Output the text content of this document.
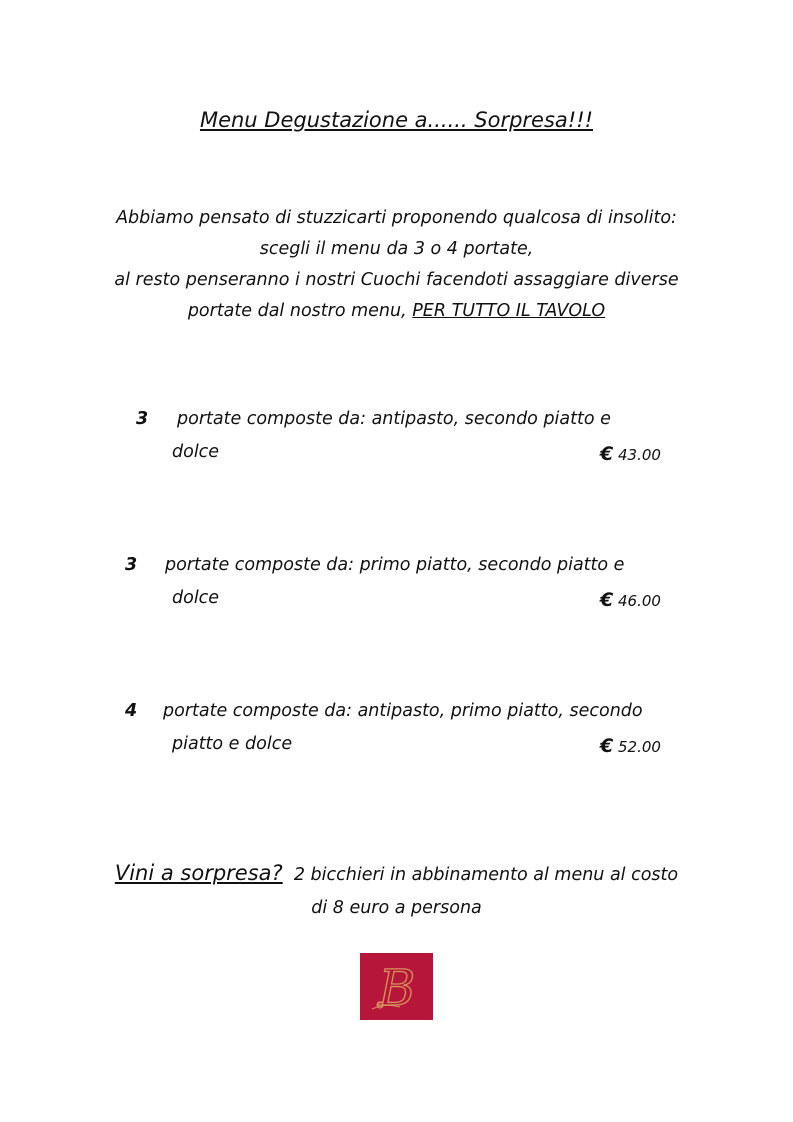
Menu Degustazione a...... Sorpresa!!!
Abbiamo pensato di stuzzicarti proponendo qualcosa di insolito:
scegli il menu da 3 o 4 portate,
al resto penseranno i nostri Cuochi facendoti assaggiare diverse
portate dal nostro menu, PER TUTTO IL TAVOLO
3 portate composte da: antipasto, secondo piatto e
dolce	€ 43.00
3 portate composte da: primo piatto, secondo piatto e
dolce	€ 46.00
4 portate composte da: antipasto, primo piatto, secondo
piatto e dolce	€ 52.00
Vini a sorpresa? 2 bicchieri in abbinamento al menu al costo
di 8 euro a persona
B
